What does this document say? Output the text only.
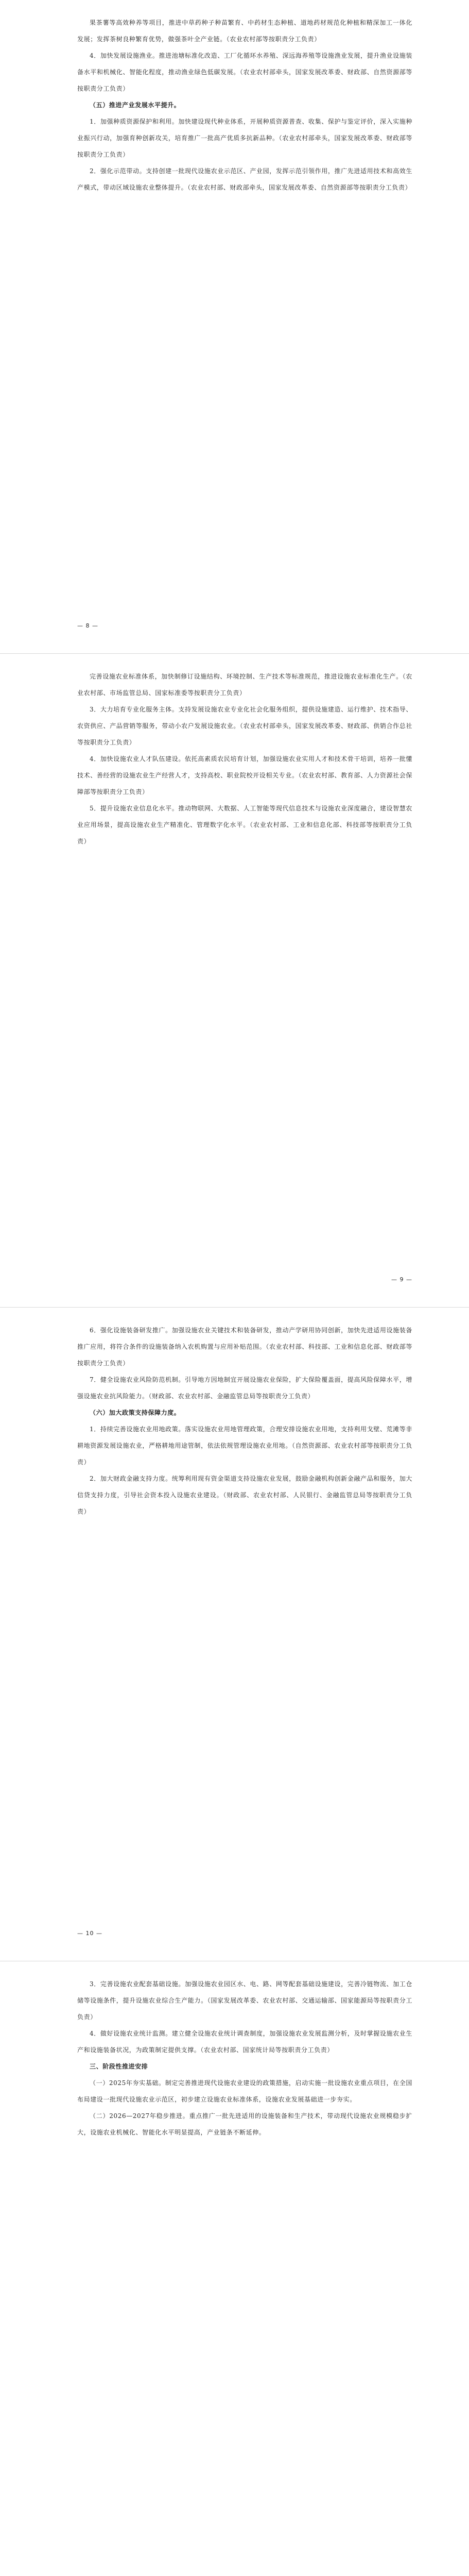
果茶薯等高效种养等项目，推进中草药种子种苗繁育、中药材生态种植、道地药材规范化种植和精深加工一体化发展；发挥茶树良种繁育优势，做强茶叶全产业链。（农业农村部等按职责分工负责）

4．加快发展设施渔业。推进池塘标准化改造、工厂化循环水养殖、深远海养殖等设施渔业发展，提升渔业设施装备水平和机械化、智能化程度，推动渔业绿色低碳发展。（农业农村部牵头，国家发展改革委、财政部、自然资源部等按职责分工负责）

（五）推进产业发展水平提升。

1．加强种质资源保护和利用。加快建设现代种业体系，开展种质资源普查、收集、保护与鉴定评价，深入实施种业振兴行动，加强育种创新攻关，培育推广一批高产优质多抗新品种。（农业农村部牵头，国家发展改革委、财政部等按职责分工负责）

2．强化示范带动。支持创建一批现代设施农业示范区、产业园，发挥示范引领作用，推广先进适用技术和高效生产模式，带动区域设施农业整体提升。（农业农村部、财政部牵头，国家发展改革委、自然资源部等按职责分工负责）

— 8 —

完善设施农业标准体系，加快制修订设施结构、环境控制、生产技术等标准规范，推进设施农业标准化生产。（农业农村部、市场监管总局、国家标准委等按职责分工负责）

3．大力培育专业化服务主体。支持发展设施农业专业化社会化服务组织，提供设施建造、运行维护、技术指导、农资供应、产品营销等服务，带动小农户发展设施农业。（农业农村部牵头，国家发展改革委、财政部、供销合作总社等按职责分工负责）

4．加快设施农业人才队伍建设。依托高素质农民培育计划，加强设施农业实用人才和技术骨干培训，培养一批懂技术、善经营的设施农业生产经营人才，支持高校、职业院校开设相关专业。（农业农村部、教育部、人力资源社会保障部等按职责分工负责）

5．提升设施农业信息化水平。推动物联网、大数据、人工智能等现代信息技术与设施农业深度融合，建设智慧农业应用场景，提高设施农业生产精准化、管理数字化水平。（农业农村部、工业和信息化部、科技部等按职责分工负责）

— 9 —

6．强化设施装备研发推广。加强设施农业关键技术和装备研发，推动产学研用协同创新，加快先进适用设施装备推广应用，将符合条件的设施装备纳入农机购置与应用补贴范围。（农业农村部、科技部、工业和信息化部、财政部等按职责分工负责）

7．健全设施农业风险防范机制。引导地方因地制宜开展设施农业保险，扩大保险覆盖面，提高风险保障水平，增强设施农业抗风险能力。（财政部、农业农村部、金融监管总局等按职责分工负责）

（六）加大政策支持保障力度。

1．持续完善设施农业用地政策。落实设施农业用地管理政策，合理安排设施农业用地，支持利用戈壁、荒滩等非耕地资源发展设施农业，严格耕地用途管制，依法依规管理设施农业用地。（自然资源部、农业农村部等按职责分工负责）

2．加大财政金融支持力度。统筹利用现有资金渠道支持设施农业发展，鼓励金融机构创新金融产品和服务，加大信贷支持力度，引导社会资本投入设施农业建设。（财政部、农业农村部、人民银行、金融监管总局等按职责分工负责）

— 10 —

3．完善设施农业配套基础设施。加强设施农业园区水、电、路、网等配套基础设施建设，完善冷链物流、加工仓储等设施条件，提升设施农业综合生产能力。（国家发展改革委、农业农村部、交通运输部、国家能源局等按职责分工负责）

4．做好设施农业统计监测。建立健全设施农业统计调查制度，加强设施农业发展监测分析，及时掌握设施农业生产和设施装备状况，为政策制定提供支撑。（农业农村部、国家统计局等按职责分工负责）

三、阶段性推进安排

（一）2025年夯实基础。制定完善推进现代设施农业建设的政策措施，启动实施一批设施农业重点项目，在全国布局建设一批现代设施农业示范区，初步建立设施农业标准体系，设施农业发展基础进一步夯实。

（二）2026—2027年稳步推进。重点推广一批先进适用的设施装备和生产技术，带动现代设施农业规模稳步扩大，设施农业机械化、智能化水平明显提高，产业链条不断延伸。
